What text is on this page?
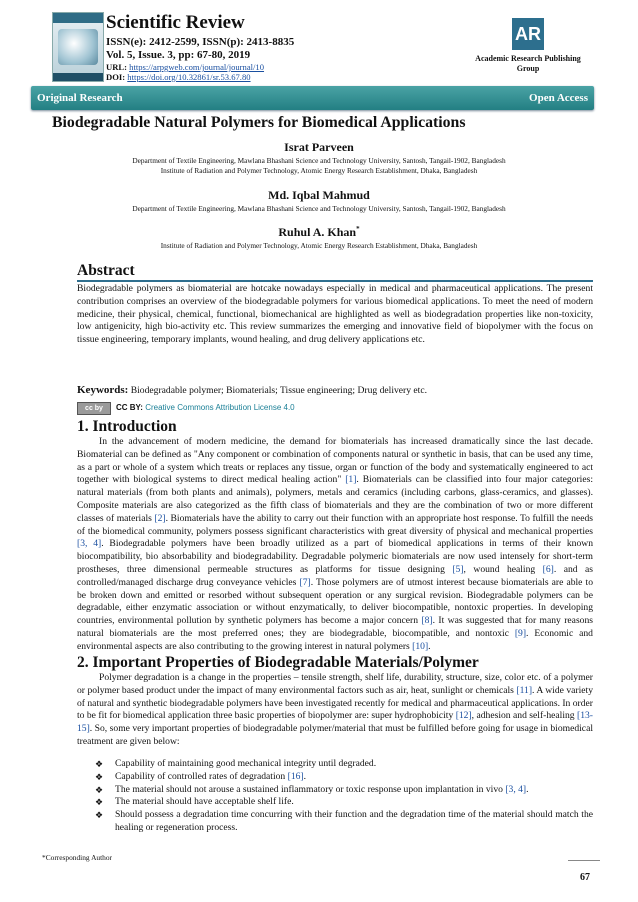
Scientific Review
ISSN(e): 2412-2599, ISSN(p): 2413-8835
Vol. 5, Issue. 3, pp: 67-80, 2019
URL: https://arpgweb.com/journal/journal/10
DOI: https://doi.org/10.32861/sr.53.67.80
AR
Academic Research Publishing
Group
Original Research	Open Access
Biodegradable Natural Polymers for Biomedical Applications
Israt Parveen
Department of Textile Engineering, Mawlana Bhashani Science and Technology University, Santosh, Tangail-1902, Bangladesh
Institute of Radiation and Polymer Technology, Atomic Energy Research Establishment, Dhaka, Bangladesh
Md. Iqbal Mahmud
Department of Textile Engineering, Mawlana Bhashani Science and Technology University, Santosh, Tangail-1902, Bangladesh
Ruhul A. Khan*
Institute of Radiation and Polymer Technology, Atomic Energy Research Establishment, Dhaka, Bangladesh
Abstract
Biodegradable polymers as biomaterial are hotcake nowadays especially in medical and pharmaceutical applications. The present contribution comprises an overview of the biodegradable polymers for various biomedical applications. To meet the need of modern medicine, their physical, chemical, functional, biomechanical are highlighted as well as biodegradation properties like non-toxicity, low antigenicity, high bio-activity etc. This review summarizes the emerging and innovative field of biopolymer with the focus on tissue engineering, temporary implants, wound healing, and drug delivery applications etc.
Keywords: Biodegradable polymer; Biomaterials; Tissue engineering; Drug delivery etc.
cc by	CC BY: Creative Commons Attribution License 4.0
1. Introduction
In the advancement of modern medicine, the demand for biomaterials has increased dramatically since the last decade. Biomaterial can be defined as "Any component or combination of components natural or synthetic in basis, that can be used any time, as a part or whole of a system which treats or replaces any tissue, organ or function of the body and systematically engineered to act together with biological systems to direct medical healing action" [1]. Biomaterials can be classified into four major categories: natural materials (from both plants and animals), polymers, metals and ceramics (including carbons, glass-ceramics, and glasses). Composite materials are also categorized as the fifth class of biomaterials and they are the combination of two or more different classes of materials [2]. Biomaterials have the ability to carry out their function with an appropriate host response. To fulfill the needs of the biomedical community, polymers possess significant characteristics with great diversity of physical and mechanical properties [3, 4]. Biodegradable polymers have been broadly utilized as a part of biomedical applications in terms of their known biocompatibility, bio absorbability and biodegradability. Degradable polymeric biomaterials are now used intensely for short-term prostheses, three dimensional permeable structures as platforms for tissue designing [5], wound healing [6]. and as controlled/managed discharge drug conveyance vehicles [7]. Those polymers are of utmost interest because biomaterials are able to be broken down and emitted or resorbed without subsequent operation or any surgical revision. Biodegradable polymers can be degradable, either enzymatic association or without enzymatically, to deliver biocompatible, nontoxic properties. In developing countries, environmental pollution by synthetic polymers has become a major concern [8]. It was suggested that for many reasons natural biomaterials are the most preferred ones; they are biodegradable, biocompatible, and nontoxic [9]. Economic and environmental aspects are also contributing to the growing interest in natural polymers [10].
2. Important Properties of Biodegradable Materials/Polymer
Polymer degradation is a change in the properties – tensile strength, shelf life, durability, structure, size, color etc. of a polymer or polymer based product under the impact of many environmental factors such as air, heat, sunlight or chemicals [11]. A wide variety of natural and synthetic biodegradable polymers have been investigated recently for medical and pharmaceutical applications. In order to be fit for biomedical application three basic properties of biopolymer are: super hydrophobicity [12], adhesion and self-healing [13-15]. So, some very important properties of biodegradable polymer/material that must be fulfilled before going for usage in biomedical treatment are given below:
❖ Capability of maintaining good mechanical integrity until degraded.
❖ Capability of controlled rates of degradation [16].
❖ The material should not arouse a sustained inflammatory or toxic response upon implantation in vivo [3, 4].
❖ The material should have acceptable shelf life.
❖ Should possess a degradation time concurring with their function and the degradation time of the material should match the healing or regeneration process.
*Corresponding Author
67
